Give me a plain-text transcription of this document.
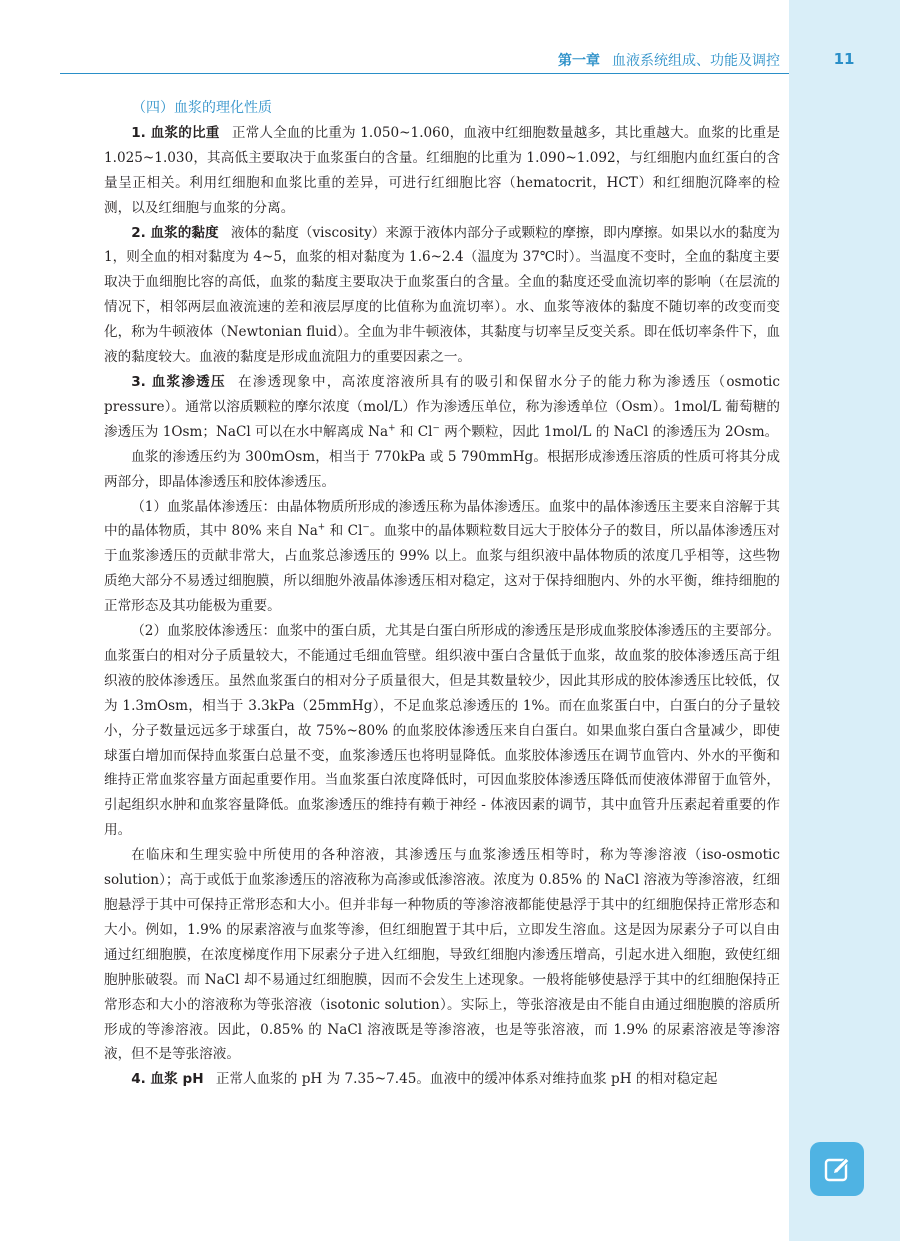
第一章 血液系统组成、功能及调控	11

（四）血浆的理化性质

1. 血浆的比重 正常人全血的比重为 1.050~1.060，血液中红细胞数量越多，其比重越大。血浆的比重是 1.025~1.030，其高低主要取决于血浆蛋白的含量。红细胞的比重为 1.090~1.092，与红细胞内血红蛋白的含量呈正相关。利用红细胞和血浆比重的差异，可进行红细胞比容（hematocrit，HCT）和红细胞沉降率的检测，以及红细胞与血浆的分离。

2. 血浆的黏度 液体的黏度（viscosity）来源于液体内部分子或颗粒的摩擦，即内摩擦。如果以水的黏度为 1，则全血的相对黏度为 4~5，血浆的相对黏度为 1.6~2.4（温度为 37℃时）。当温度不变时，全血的黏度主要取决于血细胞比容的高低，血浆的黏度主要取决于血浆蛋白的含量。全血的黏度还受血流切率的影响（在层流的情况下，相邻两层血液流速的差和液层厚度的比值称为血流切率）。水、血浆等液体的黏度不随切率的改变而变化，称为牛顿液体（Newtonian fluid）。全血为非牛顿液体，其黏度与切率呈反变关系。即在低切率条件下，血液的黏度较大。血液的黏度是形成血流阻力的重要因素之一。

3. 血浆渗透压 在渗透现象中，高浓度溶液所具有的吸引和保留水分子的能力称为渗透压（osmotic pressure）。通常以溶质颗粒的摩尔浓度（mol/L）作为渗透压单位，称为渗透单位（Osm）。1mol/L 葡萄糖的渗透压为 1Osm；NaCl 可以在水中解离成 Na+ 和 Cl− 两个颗粒，因此 1mol/L 的 NaCl 的渗透压为 2Osm。

血浆的渗透压约为 300mOsm，相当于 770kPa 或 5 790mmHg。根据形成渗透压溶质的性质可将其分成两部分，即晶体渗透压和胶体渗透压。

（1）血浆晶体渗透压：由晶体物质所形成的渗透压称为晶体渗透压。血浆中的晶体渗透压主要来自溶解于其中的晶体物质，其中 80% 来自 Na+ 和 Cl−。血浆中的晶体颗粒数目远大于胶体分子的数目，所以晶体渗透压对于血浆渗透压的贡献非常大，占血浆总渗透压的 99% 以上。血浆与组织液中晶体物质的浓度几乎相等，这些物质绝大部分不易透过细胞膜，所以细胞外液晶体渗透压相对稳定，这对于保持细胞内、外的水平衡，维持细胞的正常形态及其功能极为重要。

（2）血浆胶体渗透压：血浆中的蛋白质，尤其是白蛋白所形成的渗透压是形成血浆胶体渗透压的主要部分。血浆蛋白的相对分子质量较大，不能通过毛细血管壁。组织液中蛋白含量低于血浆，故血浆的胶体渗透压高于组织液的胶体渗透压。虽然血浆蛋白的相对分子质量很大，但是其数量较少，因此其形成的胶体渗透压比较低，仅为 1.3mOsm，相当于 3.3kPa（25mmHg），不足血浆总渗透压的 1%。而在血浆蛋白中，白蛋白的分子量较小，分子数量远远多于球蛋白，故 75%~80% 的血浆胶体渗透压来自白蛋白。如果血浆白蛋白含量减少，即使球蛋白增加而保持血浆蛋白总量不变，血浆渗透压也将明显降低。血浆胶体渗透压在调节血管内、外水的平衡和维持正常血浆容量方面起重要作用。当血浆蛋白浓度降低时，可因血浆胶体渗透压降低而使液体滞留于血管外，引起组织水肿和血浆容量降低。血浆渗透压的维持有赖于神经 - 体液因素的调节，其中血管升压素起着重要的作用。

在临床和生理实验中所使用的各种溶液，其渗透压与血浆渗透压相等时，称为等渗溶液（iso-osmotic solution）；高于或低于血浆渗透压的溶液称为高渗或低渗溶液。浓度为 0.85% 的 NaCl 溶液为等渗溶液，红细胞悬浮于其中可保持正常形态和大小。但并非每一种物质的等渗溶液都能使悬浮于其中的红细胞保持正常形态和大小。例如，1.9% 的尿素溶液与血浆等渗，但红细胞置于其中后，立即发生溶血。这是因为尿素分子可以自由通过红细胞膜，在浓度梯度作用下尿素分子进入红细胞，导致红细胞内渗透压增高，引起水进入细胞，致使红细胞肿胀破裂。而 NaCl 却不易通过红细胞膜，因而不会发生上述现象。一般将能够使悬浮于其中的红细胞保持正常形态和大小的溶液称为等张溶液（isotonic solution）。实际上，等张溶液是由不能自由通过细胞膜的溶质所形成的等渗溶液。因此，0.85% 的 NaCl 溶液既是等渗溶液，也是等张溶液，而 1.9% 的尿素溶液是等渗溶液，但不是等张溶液。

4. 血浆 pH 正常人血浆的 pH 为 7.35~7.45。血液中的缓冲体系对维持血浆 pH 的相对稳定起
